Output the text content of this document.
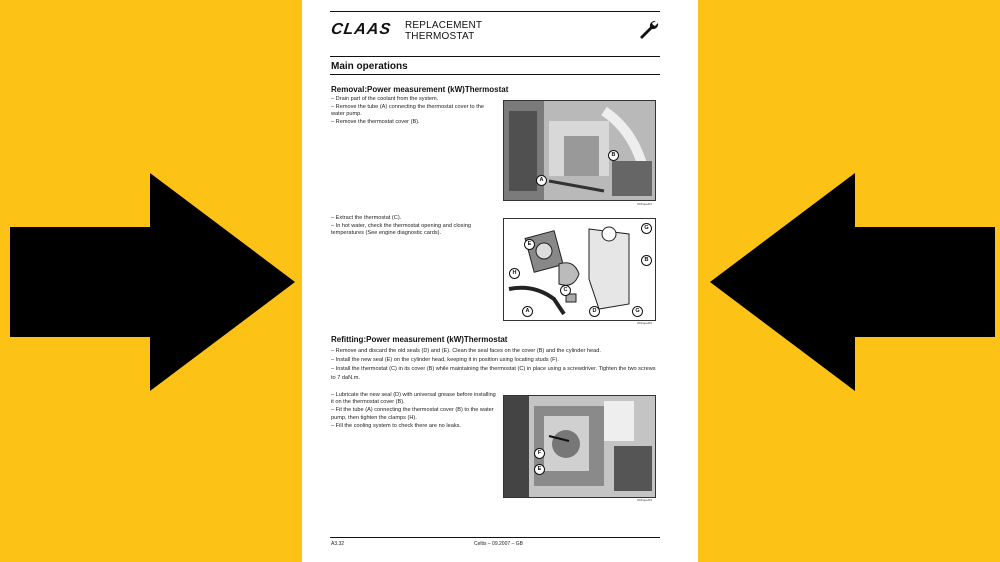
CLAAS REPLACEMENT
THERMOSTAT
Main operations
Removal:Power measurement (kW)Thermostat
– Drain part of the coolant from the system.
– Remove the tube (A) connecting the thermostat cover to the water pump.
– Remove the thermostat cover (B).
A
B
20/Fapel01
– Extract the thermostat (C).
– In hot water, check the thermostat opening and closing temperatures (See engine diagnostic cards).
E
G
B
C
H
A	D	G
20/Fapel02
Refitting:Power measurement (kW)Thermostat
– Remove and discard the old seals (D) and (E). Clean the seal faces on the cover (B) and the cylinder head.
– Install the new seal (E) on the cylinder head, keeping it in position using locating studs (F).
– Install the thermostat (C) in its cover (B) while maintaining the thermostat (C) in place using a screwdriver. Tighten the two screws to 7 daN.m.
– Lubricate the new seal (D) with universal grease before installing it on the thermostat cover (B).
– Fit the tube (A) connecting the thermostat cover (B) to the water pump, then tighten the clamps (H).
– Fill the cooling system to check there are no leaks.
F
E
20/Fapel03
A3.32	Celtis – 09.2007 – GB
